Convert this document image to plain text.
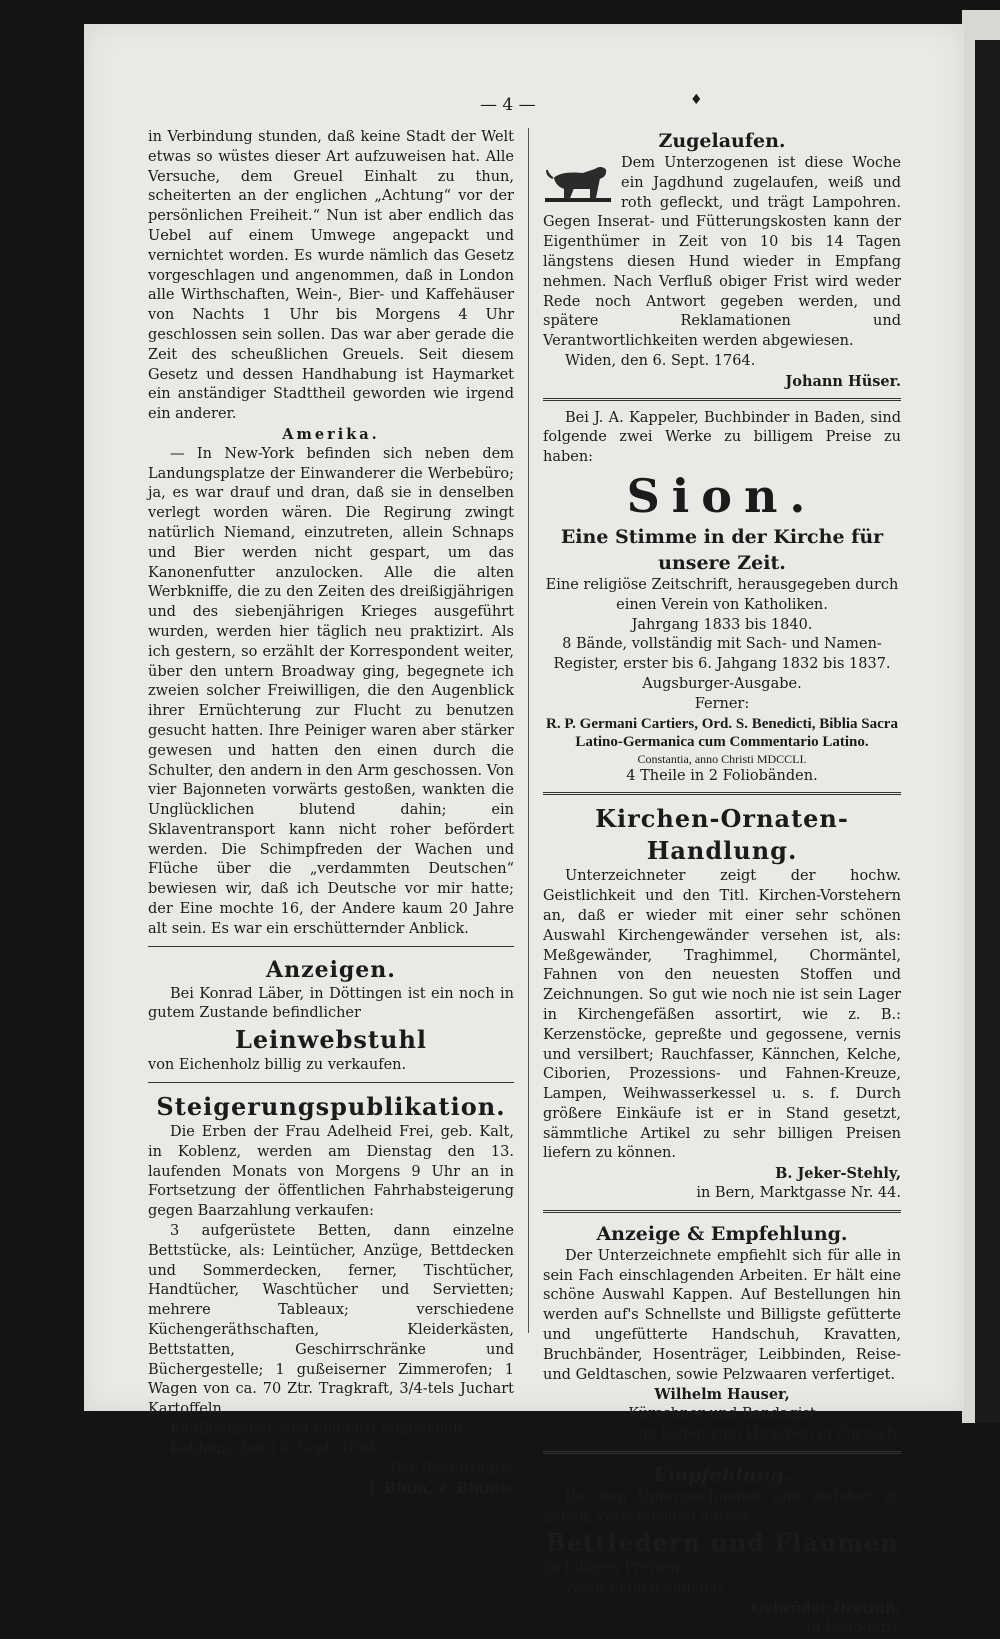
— 4 —	♦

in Verbindung stunden, daß keine Stadt der Welt etwas so wüstes dieser Art aufzuweisen hat. Alle Versuche, dem Greuel Einhalt zu thun, scheiterten an der englichen „Achtung“ vor der persönlichen Freiheit.“ Nun ist aber endlich das Uebel auf einem Umwege angepackt und vernichtet worden. Es wurde nämlich das Gesetz vorgeschlagen und angenommen, daß in London alle Wirthschaften, Wein-, Bier- und Kaffehäuser von Nachts 1 Uhr bis Morgens 4 Uhr geschlossen sein sollen. Das war aber gerade die Zeit des scheußlichen Greuels. Seit diesem Gesetz und dessen Handhabung ist Haymarket ein anständiger Stadttheil geworden wie irgend ein anderer.

Amerika.

— In New-York befinden sich neben dem Landungsplatze der Einwanderer die Werbebüro; ja, es war drauf und dran, daß sie in denselben verlegt worden wären. Die Regirung zwingt natürlich Niemand, einzutreten, allein Schnaps und Bier werden nicht gespart, um das Kanonenfutter anzulocken. Alle die alten Werbkniffe, die zu den Zeiten des dreißigjährigen und des siebenjährigen Krieges ausgeführt wurden, werden hier täglich neu praktizirt. Als ich gestern, so erzählt der Korrespondent weiter, über den untern Broadway ging, begegnete ich zweien solcher Freiwilligen, die den Augenblick ihrer Ernüchterung zur Flucht zu benutzen gesucht hatten. Ihre Peiniger waren aber stärker gewesen und hatten den einen durch die Schulter, den andern in den Arm geschossen. Von vier Bajonneten vorwärts gestoßen, wankten die Unglücklichen blutend dahin; ein Sklaventransport kann nicht roher befördert werden. Die Schimpfreden der Wachen und Flüche über die „verdammten Deutschen“ bewiesen wir, daß ich Deutsche vor mir hatte; der Eine mochte 16, der Andere kaum 20 Jahre alt sein. Es war ein erschütternder Anblick.

Anzeigen.

Bei Konrad Läber, in Döttingen ist ein noch in gutem Zustande befindlicher

Leinwebstuhl

von Eichenholz billig zu verkaufen.

Steigerungspublikation.

Die Erben der Frau Adelheid Frei, geb. Kalt, in Koblenz, werden am Dienstag den 13. laufenden Monats von Morgens 9 Uhr an in Fortsetzung der öffentlichen Fahrhabsteigerung gegen Baarzahlung verkaufen:

3 aufgerüstete Betten, dann einzelne Bettstücke, als: Leintücher, Anzüge, Bettdecken und Sommerdecken, ferner, Tischtücher, Handtücher, Waschtücher und Servietten; mehrere Tableaux; verschiedene Küchengeräthschaften, Kleiderkästen, Bettstatten, Geschirrschränke und Büchergestelle; 1 gußeiserner Zimmerofen; 1 Wagen von ca. 70 Ztr. Tragkraft, 3/4-tels Juchart Kartoffeln.

Kaufliebhaber sind höflichst eingeladen.

Koblenz, den 10. Sept. 1864.

Der Beauftragte:

J. Blum, z. Blume.

Zugelaufen.

Dem Unterzogenen ist diese Woche ein Jagdhund zugelaufen, weiß und roth gefleckt, und trägt Lampohren. Gegen Inserat- und Fütterungskosten kann der Eigenthümer in Zeit von 10 bis 14 Tagen längstens diesen Hund wieder in Empfang nehmen. Nach Verfluß obiger Frist wird weder Rede noch Antwort gegeben werden, und spätere Reklamationen und Verantwortlichkeiten werden abgewiesen.

Widen, den 6. Sept. 1764.

Johann Hüser.

Bei J. A. Kappeler, Buchbinder in Baden, sind folgende zwei Werke zu billigem Preise zu haben:

Sion.

Eine Stimme in der Kirche für unsere Zeit.

Eine religiöse Zeitschrift, herausgegeben durch einen Verein von Katholiken.

Jahrgang 1833 bis 1840.

8 Bände, vollständig mit Sach- und Namen-Register, erster bis 6. Jahgang 1832 bis 1837.

Augsburger-Ausgabe.

Ferner:

R. P. Germani Cartiers, Ord. S. Benedicti, Biblia Sacra Latino-Germanica cum Commentario Latino.

Constantia, anno Christi MDCCLI.

4 Theile in 2 Foliobänden.

Kirchen-Ornaten-Handlung.

Unterzeichneter zeigt der hochw. Geistlichkeit und den Titl. Kirchen-Vorstehern an, daß er wieder mit einer sehr schönen Auswahl Kirchengewänder versehen ist, als: Meßgewänder, Traghimmel, Chormäntel, Fahnen von den neuesten Stoffen und Zeichnungen. So gut wie noch nie ist sein Lager in Kirchengefäßen assortirt, wie z. B.: Kerzenstöcke, gepreßte und gegossene, vernis und versilbert; Rauchfasser, Kännchen, Kelche, Ciborien, Prozessions- und Fahnen-Kreuze, Lampen, Weihwasserkessel u. s. f. Durch größere Einkäufe ist er in Stand gesetzt, sämmtliche Artikel zu sehr billigen Preisen liefern zu können.

B. Jeker-Stehly,

in Bern, Marktgasse Nr. 44.

Anzeige & Empfehlung.

Der Unterzeichnete empfiehlt sich für alle in sein Fach einschlagenden Arbeiten. Er hält eine schöne Auswahl Kappen. Auf Bestellungen hin werden auf's Schnellste und Billigste gefütterte und ungefütterte Handschuh, Kravatten, Bruchbänder, Hosenträger, Leibbinden, Reise- und Geldtaschen, sowie Pelzwaaren verfertiget.

Wilhelm Hauser,

Kürschner und Bandagist

im Laden zum Hirschen in Zurzach.

Empfehlung.

Bei den Unterzeichneten sind stetsfort zu haben, verschiedene Sorten

Bettfedern und Flaumen

zu billigen Preisen.

Wozu höflich einladet

Gebrüder Dreifuß,

in Leuggern.
